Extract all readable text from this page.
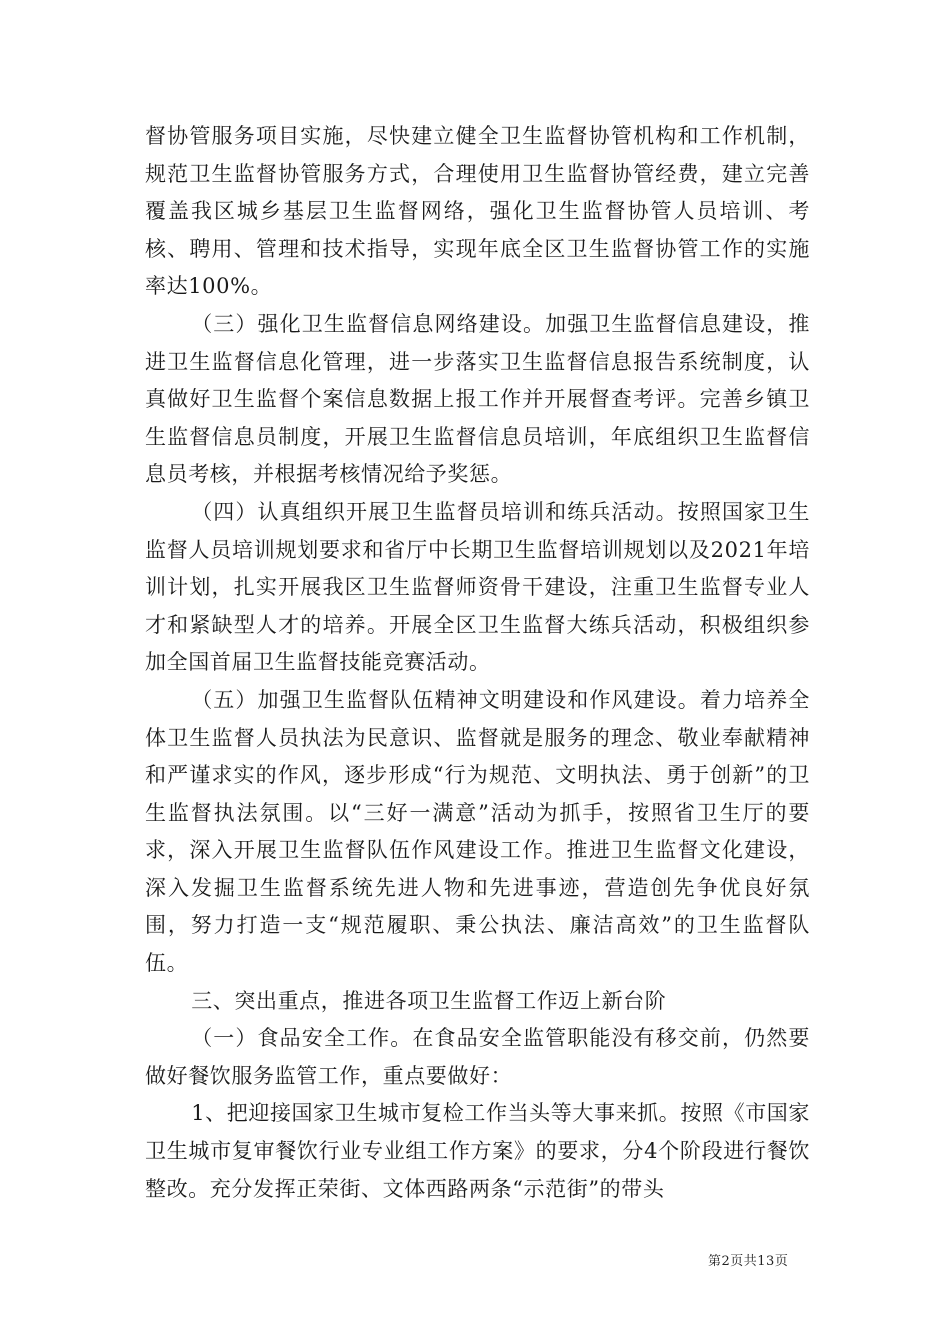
督协管服务项目实施，尽快建立健全卫生监督协管机构和工作机制，规范卫生监督协管服务方式，合理使用卫生监督协管经费，建立完善覆盖我区城乡基层卫生监督网络，强化卫生监督协管人员培训、考核、聘用、管理和技术指导，实现年底全区卫生监督协管工作的实施率达100%。

（三）强化卫生监督信息网络建设。加强卫生监督信息建设，推进卫生监督信息化管理，进一步落实卫生监督信息报告系统制度，认真做好卫生监督个案信息数据上报工作并开展督查考评。完善乡镇卫生监督信息员制度，开展卫生监督信息员培训，年底组织卫生监督信息员考核，并根据考核情况给予奖惩。

（四）认真组织开展卫生监督员培训和练兵活动。按照国家卫生监督人员培训规划要求和省厅中长期卫生监督培训规划以及2021年培训计划，扎实开展我区卫生监督师资骨干建设，注重卫生监督专业人才和紧缺型人才的培养。开展全区卫生监督大练兵活动，积极组织参加全国首届卫生监督技能竞赛活动。

（五）加强卫生监督队伍精神文明建设和作风建设。着力培养全体卫生监督人员执法为民意识、监督就是服务的理念、敬业奉献精神和严谨求实的作风，逐步形成“行为规范、文明执法、勇于创新”的卫生监督执法氛围。以“三好一满意”活动为抓手，按照省卫生厅的要求，深入开展卫生监督队伍作风建设工作。推进卫生监督文化建设，深入发掘卫生监督系统先进人物和先进事迹，营造创先争优良好氛围，努力打造一支“规范履职、秉公执法、廉洁高效”的卫生监督队伍。

三、突出重点，推进各项卫生监督工作迈上新台阶

（一）食品安全工作。在食品安全监管职能没有移交前，仍然要做好餐饮服务监管工作，重点要做好：

1、把迎接国家卫生城市复检工作当头等大事来抓。按照《市国家卫生城市复审餐饮行业专业组工作方案》的要求，分4个阶段进行餐饮整改。充分发挥正荣街、文体西路两条“示范街”的带头

第2页共13页
